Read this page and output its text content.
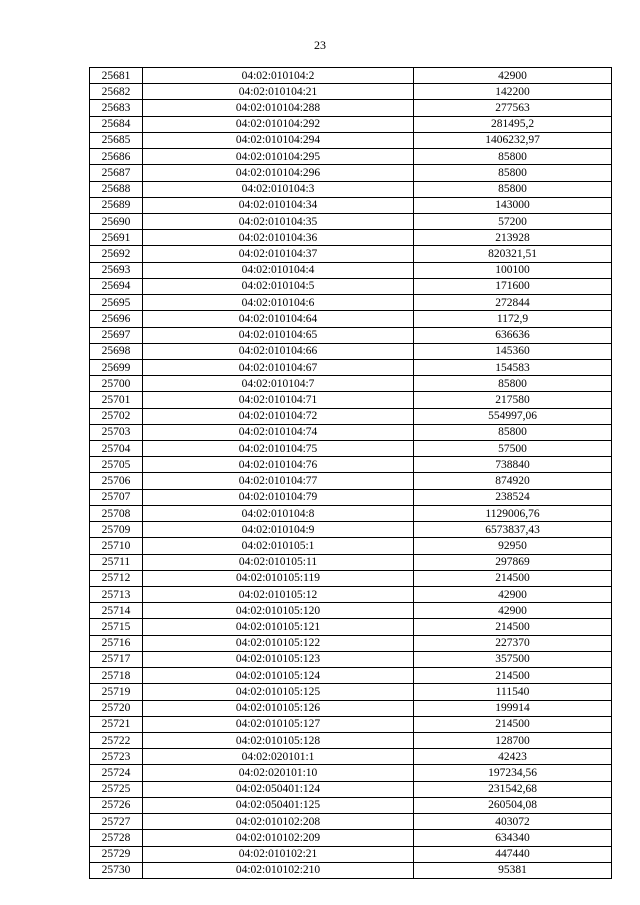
23
25681	04:02:010104:2	42900
25682	04:02:010104:21	142200
25683	04:02:010104:288	277563
25684	04:02:010104:292	281495,2
25685	04:02:010104:294	1406232,97
25686	04:02:010104:295	85800
25687	04:02:010104:296	85800
25688	04:02:010104:3	85800
25689	04:02:010104:34	143000
25690	04:02:010104:35	57200
25691	04:02:010104:36	213928
25692	04:02:010104:37	820321,51
25693	04:02:010104:4	100100
25694	04:02:010104:5	171600
25695	04:02:010104:6	272844
25696	04:02:010104:64	1172,9
25697	04:02:010104:65	636636
25698	04:02:010104:66	145360
25699	04:02:010104:67	154583
25700	04:02:010104:7	85800
25701	04:02:010104:71	217580
25702	04:02:010104:72	554997,06
25703	04:02:010104:74	85800
25704	04:02:010104:75	57500
25705	04:02:010104:76	738840
25706	04:02:010104:77	874920
25707	04:02:010104:79	238524
25708	04:02:010104:8	1129006,76
25709	04:02:010104:9	6573837,43
25710	04:02:010105:1	92950
25711	04:02:010105:11	297869
25712	04:02:010105:119	214500
25713	04:02:010105:12	42900
25714	04:02:010105:120	42900
25715	04:02:010105:121	214500
25716	04:02:010105:122	227370
25717	04:02:010105:123	357500
25718	04:02:010105:124	214500
25719	04:02:010105:125	111540
25720	04:02:010105:126	199914
25721	04:02:010105:127	214500
25722	04:02:010105:128	128700
25723	04:02:020101:1	42423
25724	04:02:020101:10	197234,56
25725	04:02:050401:124	231542,68
25726	04:02:050401:125	260504,08
25727	04:02:010102:208	403072
25728	04:02:010102:209	634340
25729	04:02:010102:21	447440
25730	04:02:010102:210	95381
